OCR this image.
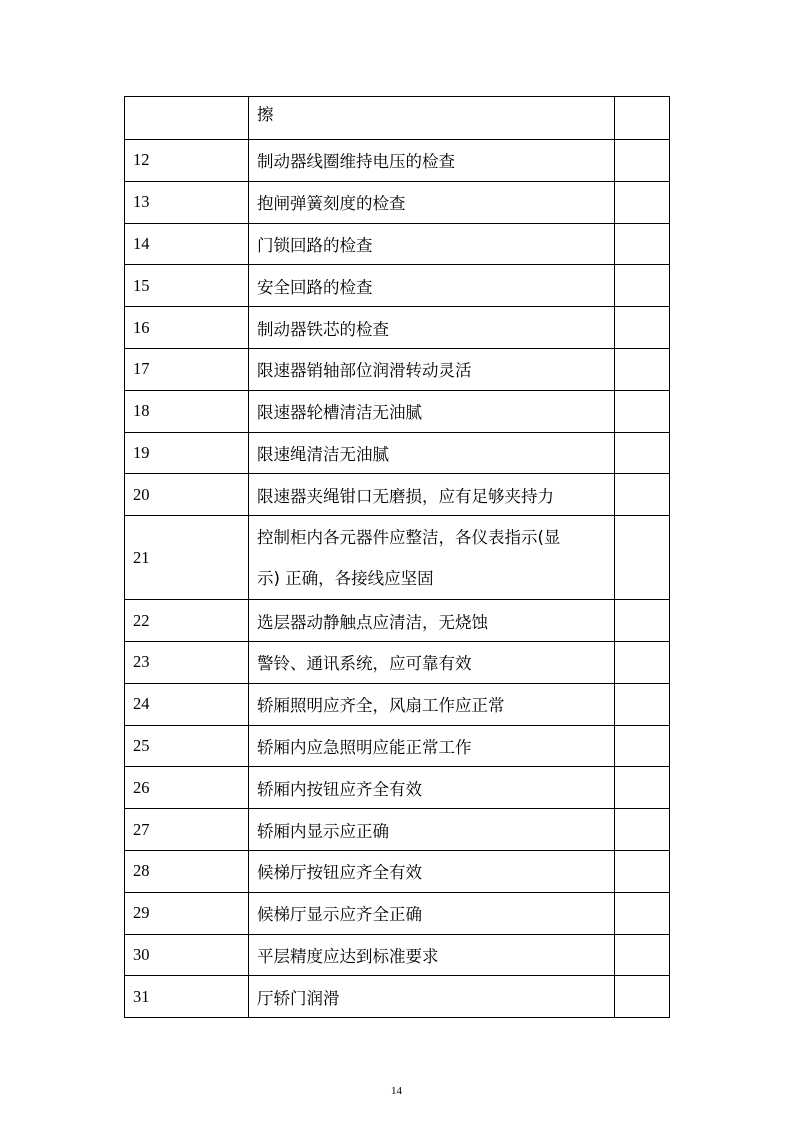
	擦	
12	制动器线圈维持电压的检查	
13	抱闸弹簧刻度的检查	
14	门锁回路的检查	
15	安全回路的检查	
16	制动器铁芯的检查	
17	限速器销轴部位润滑转动灵活	
18	限速器轮槽清洁无油腻	
19	限速绳清洁无油腻	
20	限速器夹绳钳口无磨损，应有足够夹持力	
21	控制柜内各元器件应整洁，各仪表指示(显
示) 正确，各接线应坚固	

22	选层器动静触点应清洁，无烧蚀	
23	警铃、通讯系统，应可靠有效	
24	轿厢照明应齐全，风扇工作应正常	
25	轿厢内应急照明应能正常工作	
26	轿厢内按钮应齐全有效	
27	轿厢内显示应正确	
28	候梯厅按钮应齐全有效	
29	候梯厅显示应齐全正确	
30	平层精度应达到标准要求	
31	厅轿门润滑	
14
